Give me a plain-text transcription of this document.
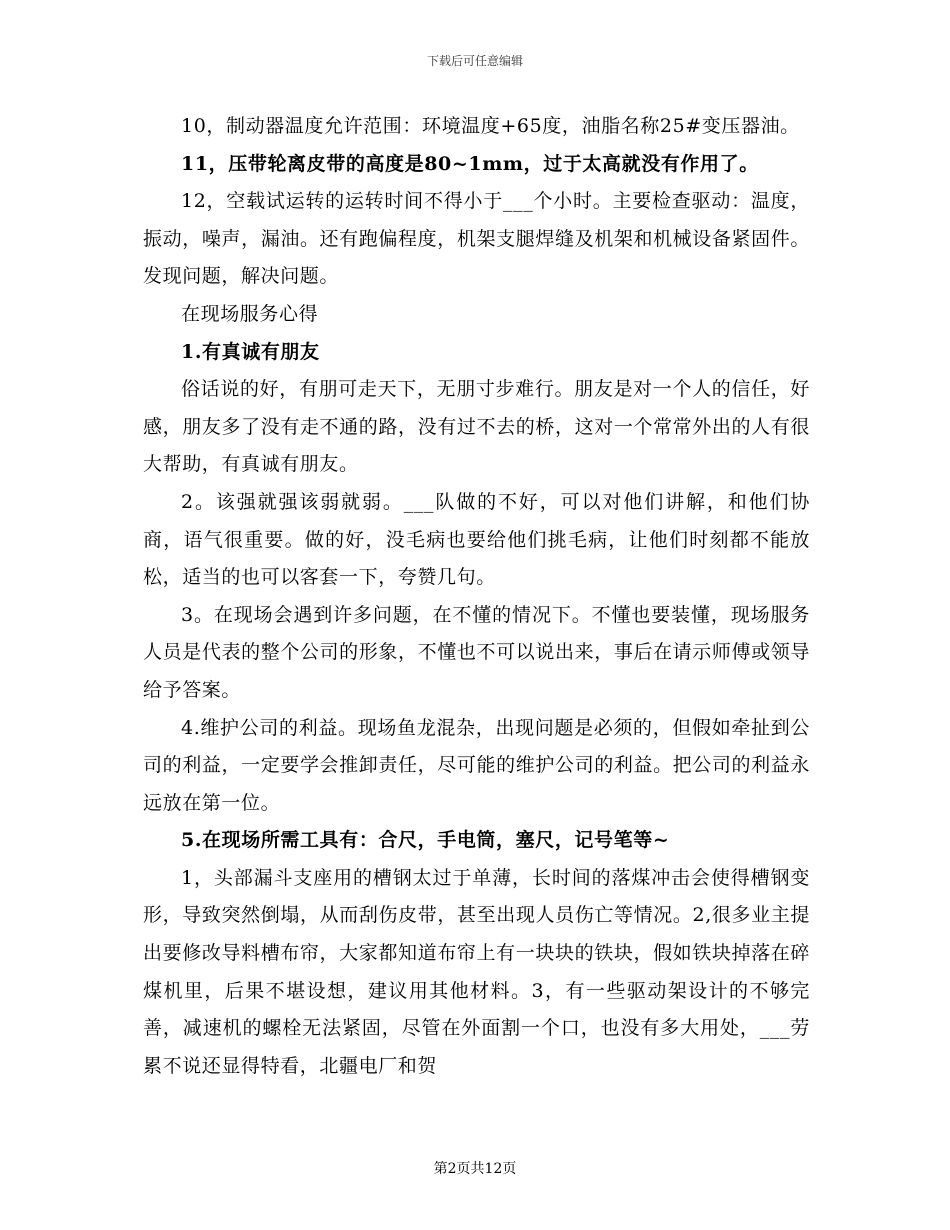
下载后可任意编辑

10，制动器温度允许范围：环境温度+65度，油脂名称25#变压器油。

11，压带轮离皮带的高度是80~1mm，过于太高就没有作用了。

12，空载试运转的运转时间不得小于___个小时。主要检查驱动：温度，振动，噪声，漏油。还有跑偏程度，机架支腿焊缝及机架和机械设备紧固件。发现问题，解决问题。

在现场服务心得

1.有真诚有朋友

俗话说的好，有朋可走天下，无朋寸步难行。朋友是对一个人的信任，好感，朋友多了没有走不通的路，没有过不去的桥，这对一个常常外出的人有很大帮助，有真诚有朋友。

2。该强就强该弱就弱。___队做的不好，可以对他们讲解，和他们协商，语气很重要。做的好，没毛病也要给他们挑毛病，让他们时刻都不能放松，适当的也可以客套一下，夸赞几句。

3。在现场会遇到许多问题，在不懂的情况下。不懂也要装懂，现场服务人员是代表的整个公司的形象，不懂也不可以说出来，事后在请示师傅或领导给予答案。

4.维护公司的利益。现场鱼龙混杂，出现问题是必须的，但假如牵扯到公司的利益，一定要学会推卸责任，尽可能的维护公司的利益。把公司的利益永远放在第一位。

5.在现场所需工具有：合尺，手电筒，塞尺，记号笔等~

1，头部漏斗支座用的槽钢太过于单薄，长时间的落煤冲击会使得槽钢变形，导致突然倒塌，从而刮伤皮带，甚至出现人员伤亡等情况。2,很多业主提出要修改导料槽布帘，大家都知道布帘上有一块块的铁块，假如铁块掉落在碎煤机里，后果不堪设想，建议用其他材料。3，有一些驱动架设计的不够完善，减速机的螺栓无法紧固，尽管在外面割一个口，也没有多大用处，___劳累不说还显得特看，北疆电厂和贺

第2页共12页
